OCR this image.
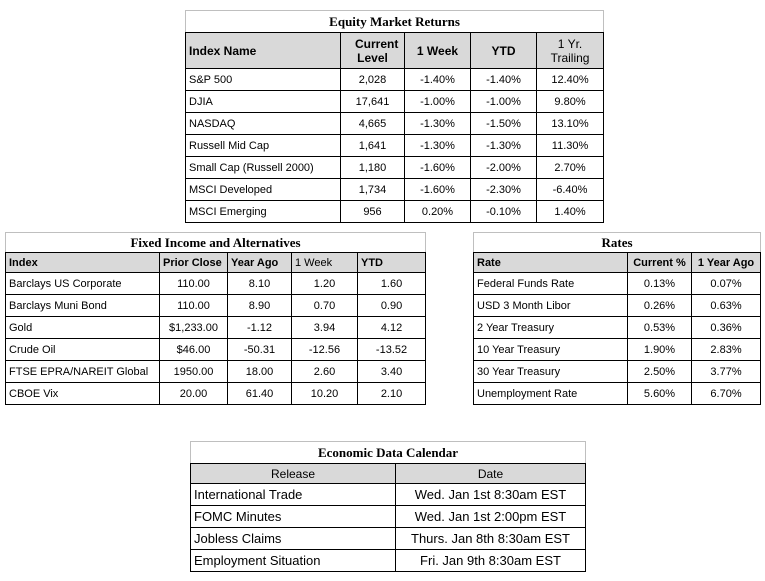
Equity Market Returns				
Index Name	Current Level	1 Week	YTD	1 Yr. Trailing
S&P 500	2,028	-1.40%	-1.40%	12.40%
DJIA	17,641	-1.00%	-1.00%	9.80%
NASDAQ	4,665	-1.30%	-1.50%	13.10%
Russell Mid Cap	1,641	-1.30%	-1.30%	11.30%
Small Cap (Russell 2000)	1,180	-1.60%	-2.00%	2.70%
MSCI Developed	1,734	-1.60%	-2.30%	-6.40%
MSCI Emerging	956	0.20%	-0.10%	1.40%
Fixed Income and Alternatives				
Index	Prior Close	Year Ago	1 Week	YTD
Barclays US Corporate	110.00	8.10	1.20	1.60
Barclays Muni Bond	110.00	8.90	0.70	0.90
Gold	$1,233.00	-1.12	3.94	4.12
Crude Oil	$46.00	-50.31	-12.56	-13.52
FTSE EPRA/NAREIT Global	1950.00	18.00	2.60	3.40
CBOE Vix	20.00	61.40	10.20	2.10
Rates		
Rate	Current %	1 Year Ago
Federal Funds Rate	0.13%	0.07%
USD 3 Month Libor	0.26%	0.63%
2 Year Treasury	0.53%	0.36%
10 Year Treasury	1.90%	2.83%
30 Year Treasury	2.50%	3.77%
Unemployment Rate	5.60%	6.70%
Economic Data Calendar	
Release	Date
International Trade	Wed. Jan 1st 8:30am EST
FOMC Minutes	Wed. Jan 1st 2:00pm EST
Jobless Claims	Thurs. Jan 8th 8:30am EST
Employment Situation	Fri. Jan 9th 8:30am EST
